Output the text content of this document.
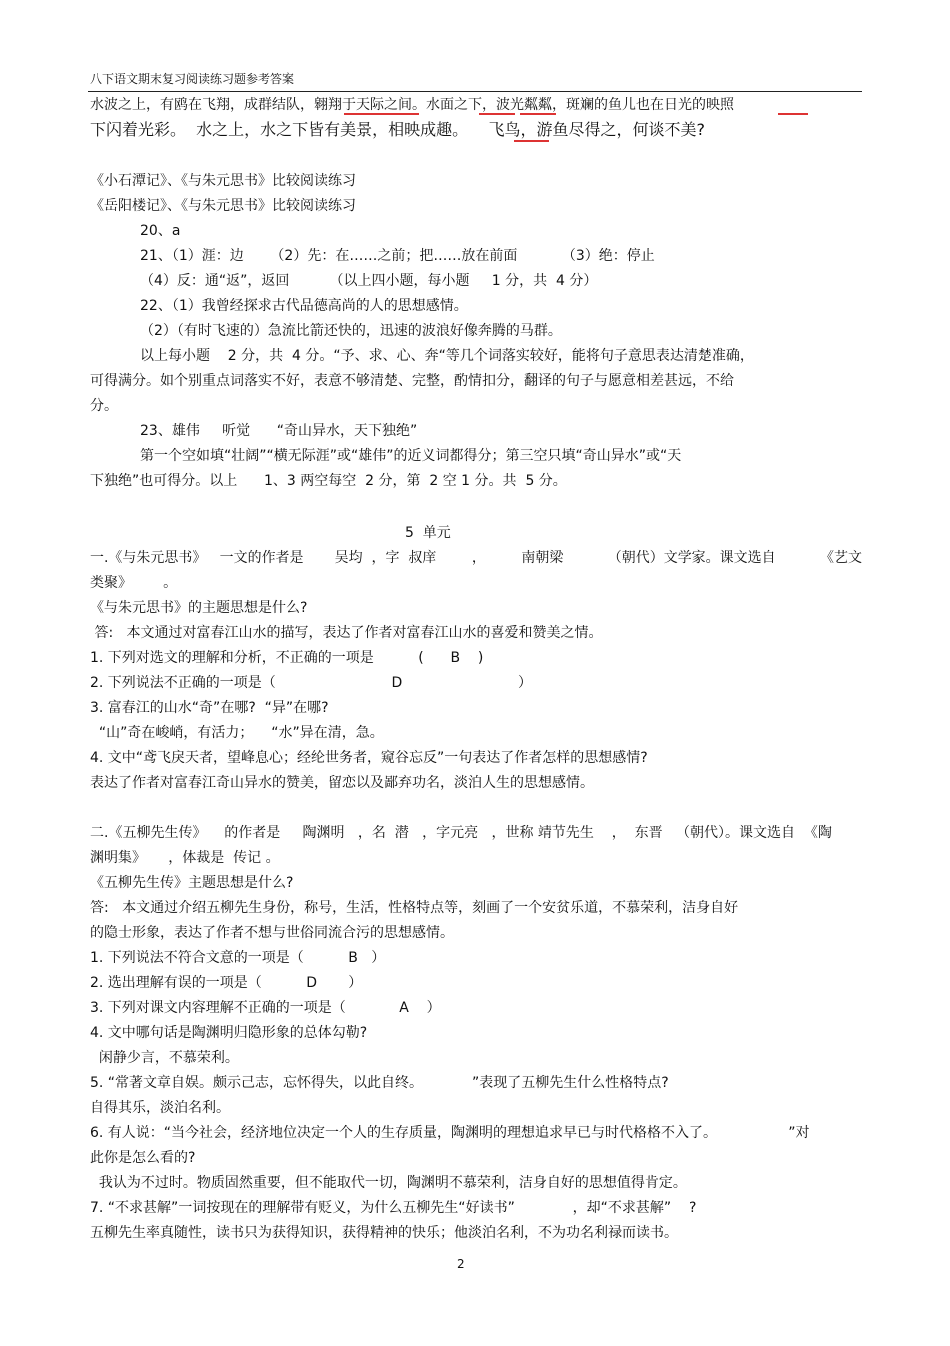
八下语文期末复习阅读练习题参考答案
水波之上，有鸥在飞翔，成群结队，翱翔于天际之间。水面之下，波光粼粼，斑斓的鱼儿也在日光的映照
下闪着光彩。  水之上，水之下皆有美景，相映成趣。    飞鸟，游鱼尽得之，何谈不美?
《小石潭记》、《与朱元思书》比较阅读练习
《岳阳楼记》、《与朱元思书》比较阅读练习
20、a
21、（1）涯：边      （2）先：在……之前；把……放在前面          （3）绝：停止
（4）反：通“返”，返回         （以上四小题，每小题     1 分，共  4 分）
22、（1）我曾经探求古代品德高尚的人的思想感情。
（2）（有时飞速的）急流比箭还快的，迅速的波浪好像奔腾的马群。
以上每小题    2 分，共  4 分。“予、求、心、奔“等几个词落实较好，能将句子意思表达清楚准确，
可得满分。如个别重点词落实不好，表意不够清楚、完整，酌情扣分，翻译的句子与愿意相差甚远，不给
分。
23、雄伟     听觉      “奇山异水，天下独绝”
第一个空如填“壮阔”“横无际涯”或“雄伟”的近义词都得分；第三空只填“奇山异水”或“天
下独绝”也可得分。以上      1、3 两空每空  2 分，第  2 空 1 分。共  5 分。
5  单元
一.《与朱元思书》   一文的作者是       吴均  ，字  叔庠        ，        南朝梁          （朝代）文学家。课文选自          《艺文
类聚》       。
《与朱元思书》的主题思想是什么?
答:   本文通过对富春江山水的描写，表达了作者对富春江山水的喜爱和赞美之情。
1. 下列对选文的理解和分析，不正确的一项是          (      B    )
2. 下列说法不正确的一项是（                          D                          ）
3. 富春江的山水“奇”在哪?  “异”在哪?
“山”奇在峻峭，有活力；    “水”异在清，急。
4. 文中“鸢飞戾天者，望峰息心；经纶世务者，窥谷忘反”一句表达了作者怎样的思想感情?
表达了作者对富春江奇山异水的赞美，留恋以及鄙弃功名，淡泊人生的思想感情。
二.《五柳先生传》    的作者是     陶渊明   ，名  潜   ，字元亮   ，世称 靖节先生    ，  东晋   （朝代）。课文选自  《陶
渊明集》     ，体裁是  传记 。
《五柳先生传》主题思想是什么?
答:   本文通过介绍五柳先生身份，称号，生活，性格特点等，刻画了一个安贫乐道，不慕荣利，洁身自好
的隐士形象，表达了作者不想与世俗同流合污的思想感情。
1. 下列说法不符合文意的一项是（          B   ）
2. 选出理解有误的一项是（          D       ）
3. 下列对课文内容理解不正确的一项是（            A    ）
4. 文中哪句话是陶渊明归隐形象的总体勾勒?
闲静少言，不慕荣利。
5. “常著文章自娱。颇示己志，忘怀得失，以此自终。           ”表现了五柳先生什么性格特点?
自得其乐，淡泊名利。
6. 有人说：“当今社会，经济地位决定一个人的生存质量，陶渊明的理想追求早已与时代格格不入了。                ”对
此你是怎么看的?
我认为不过时。物质固然重要，但不能取代一切，陶渊明不慕荣利，洁身自好的思想值得肯定。
7. “不求甚解”一词按现在的理解带有贬义，为什么五柳先生“好读书”             ，却“不求甚解”    ?
五柳先生率真随性，读书只为获得知识，获得精神的快乐；他淡泊名利，不为功名利禄而读书。
2
